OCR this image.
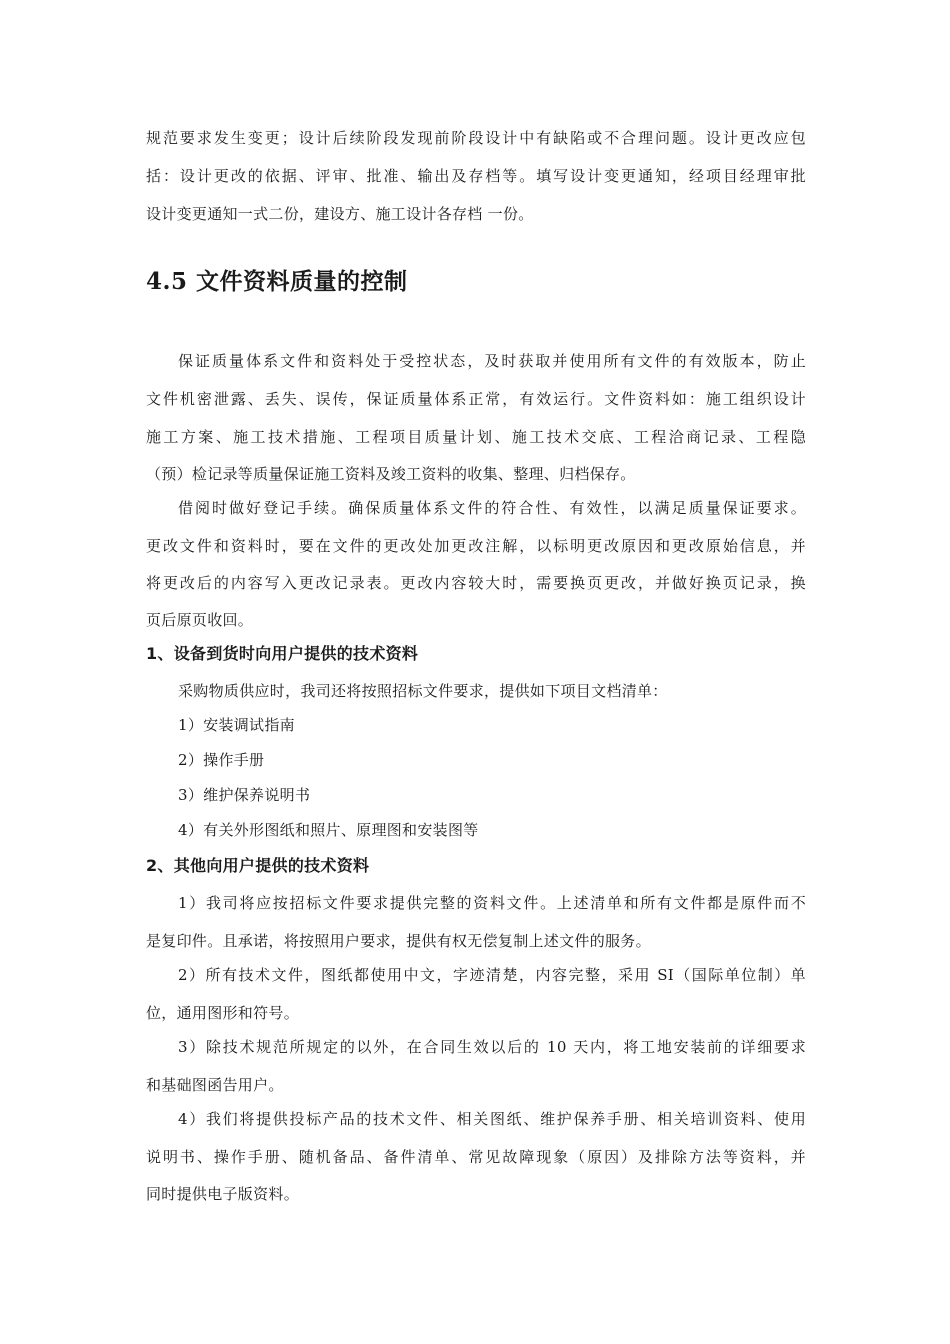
规范要求发生变更；设计后续阶段发现前阶段设计中有缺陷或不合理问题。设计更改应包
括：设计更改的依据、评审、批准、输出及存档等。填写设计变更通知，经项目经理审批
设计变更通知一式二份，建设方、施工设计各存档 一份。
4.5 文件资料质量的控制
保证质量体系文件和资料处于受控状态，及时获取并使用所有文件的有效版本，防止
文件机密泄露、丢失、误传，保证质量体系正常，有效运行。文件资料如：施工组织设计
施工方案、施工技术措施、工程项目质量计划、施工技术交底、工程洽商记录、工程隐
（预）检记录等质量保证施工资料及竣工资料的收集、整理、归档保存。
借阅时做好登记手续。确保质量体系文件的符合性、有效性，以满足质量保证要求。
更改文件和资料时，要在文件的更改处加更改注解，以标明更改原因和更改原始信息，并
将更改后的内容写入更改记录表。更改内容较大时，需要换页更改，并做好换页记录，换
页后原页收回。
1、设备到货时向用户提供的技术资料
采购物质供应时，我司还将按照招标文件要求，提供如下项目文档清单：
1）安装调试指南
2）操作手册
3）维护保养说明书
4）有关外形图纸和照片、原理图和安装图等
2、其他向用户提供的技术资料
1）我司将应按招标文件要求提供完整的资料文件。上述清单和所有文件都是原件而不
是复印件。且承诺，将按照用户要求，提供有权无偿复制上述文件的服务。
2）所有技术文件，图纸都使用中文，字迹清楚，内容完整，采用 SI（国际单位制）单
位，通用图形和符号。
3）除技术规范所规定的以外，在合同生效以后的 10 天内，将工地安装前的详细要求
和基础图函告用户。
4）我们将提供投标产品的技术文件、相关图纸、维护保养手册、相关培训资料、使用
说明书、操作手册、随机备品、备件清单、常见故障现象（原因）及排除方法等资料，并
同时提供电子版资料。
